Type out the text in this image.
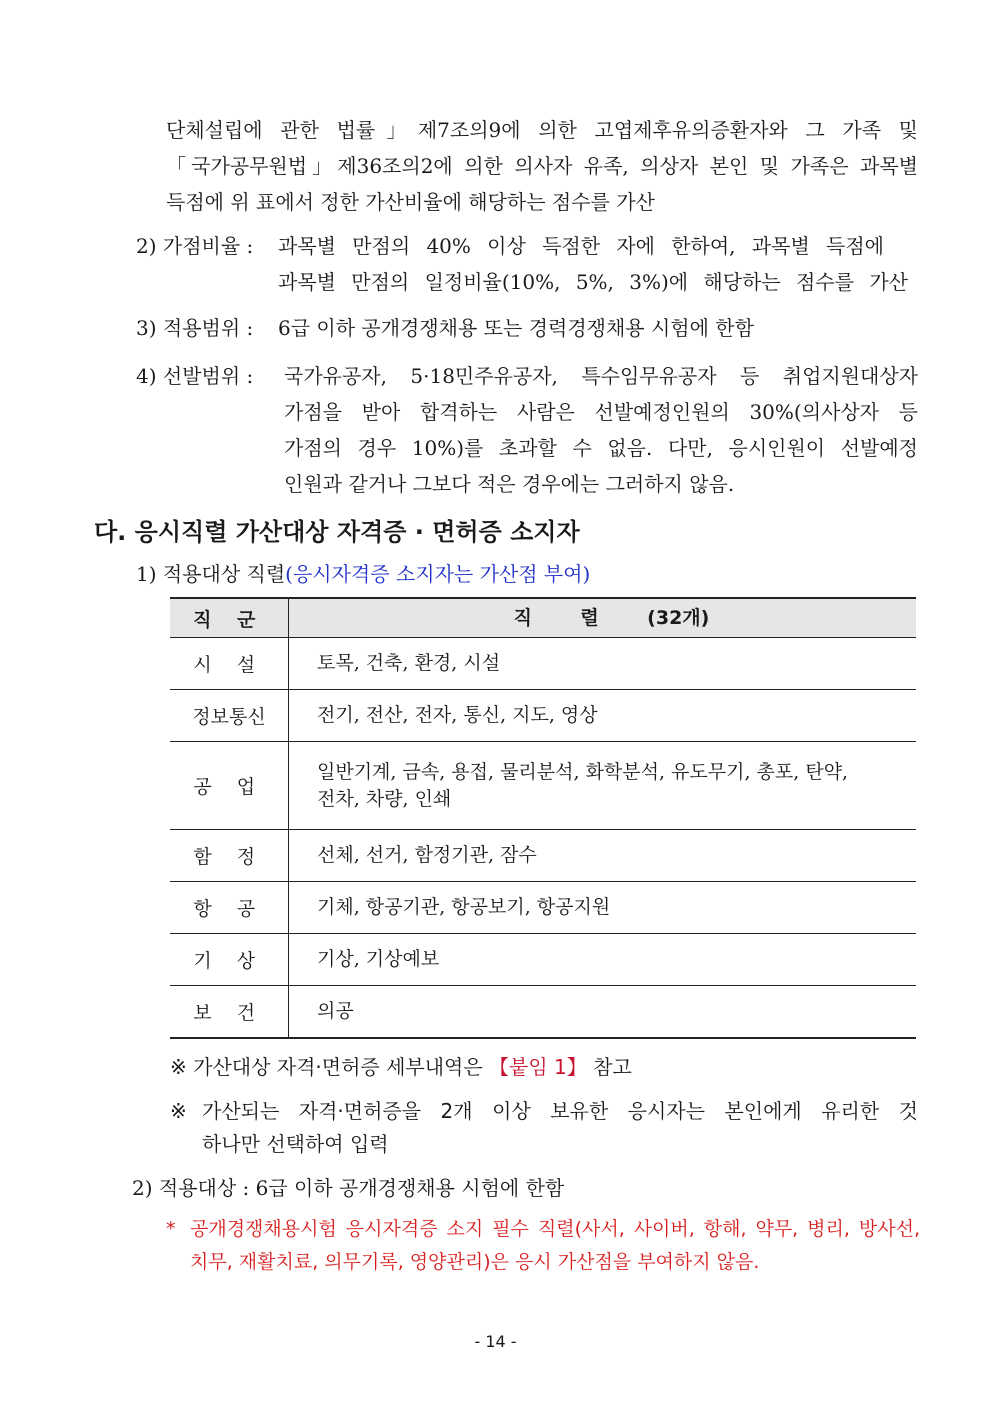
단체설립에 관한 법률」제7조의9에 의한 고엽제후유의증환자와 그 가족 및
「국가공무원법」제36조의2에 의한 의사자 유족, 의상자 본인 및 가족은 과목별
득점에 위 표에서 정한 가산비율에 해당하는 점수를 가산
2) 가점비율 : 과목별 만점의 40% 이상 득점한 자에 한하여, 과목별 득점에
과목별 만점의 일정비율(10%, 5%, 3%)에 해당하는 점수를 가산
3) 적용범위 : 6급 이하 공개경쟁채용 또는 경력경쟁채용 시험에 한함
4) 선발범위 : 국가유공자, 5·18민주유공자, 특수임무유공자 등 취업지원대상자
가점을 받아 합격하는 사람은 선발예정인원의 30%(의사상자 등
가점의 경우 10%)를 초과할 수 없음. 다만, 응시인원이 선발예정
인원과 같거나 그보다 적은 경우에는 그러하지 않음.
다. 응시직렬 가산대상 자격증 · 면허증 소지자
1) 적용대상 직렬(응시자격증 소지자는 가산점 부여)
직 군	직 렬 (32개)
시 설	토목, 건축, 환경, 시설
정보통신	전기, 전산, 전자, 통신, 지도, 영상
공 업	일반기계, 금속, 용접, 물리분석, 화학분석, 유도무기, 총포, 탄약,
전차, 차량, 인쇄

함 정	선체, 선거, 함정기관, 잠수
항 공	기체, 항공기관, 항공보기, 항공지원
기 상	기상, 기상예보
보 건	의공
※ 가산대상 자격·면허증 세부내역은 【붙임 1】 참고
※ 가산되는 자격·면허증을 2개 이상 보유한 응시자는 본인에게 유리한 것
하나만 선택하여 입력
2) 적용대상 : 6급 이하 공개경쟁채용 시험에 한함
* 공개경쟁채용시험 응시자격증 소지 필수 직렬(사서, 사이버, 항해, 약무, 병리, 방사선,
치무, 재활치료, 의무기록, 영양관리)은 응시 가산점을 부여하지 않음.
- 14 -
